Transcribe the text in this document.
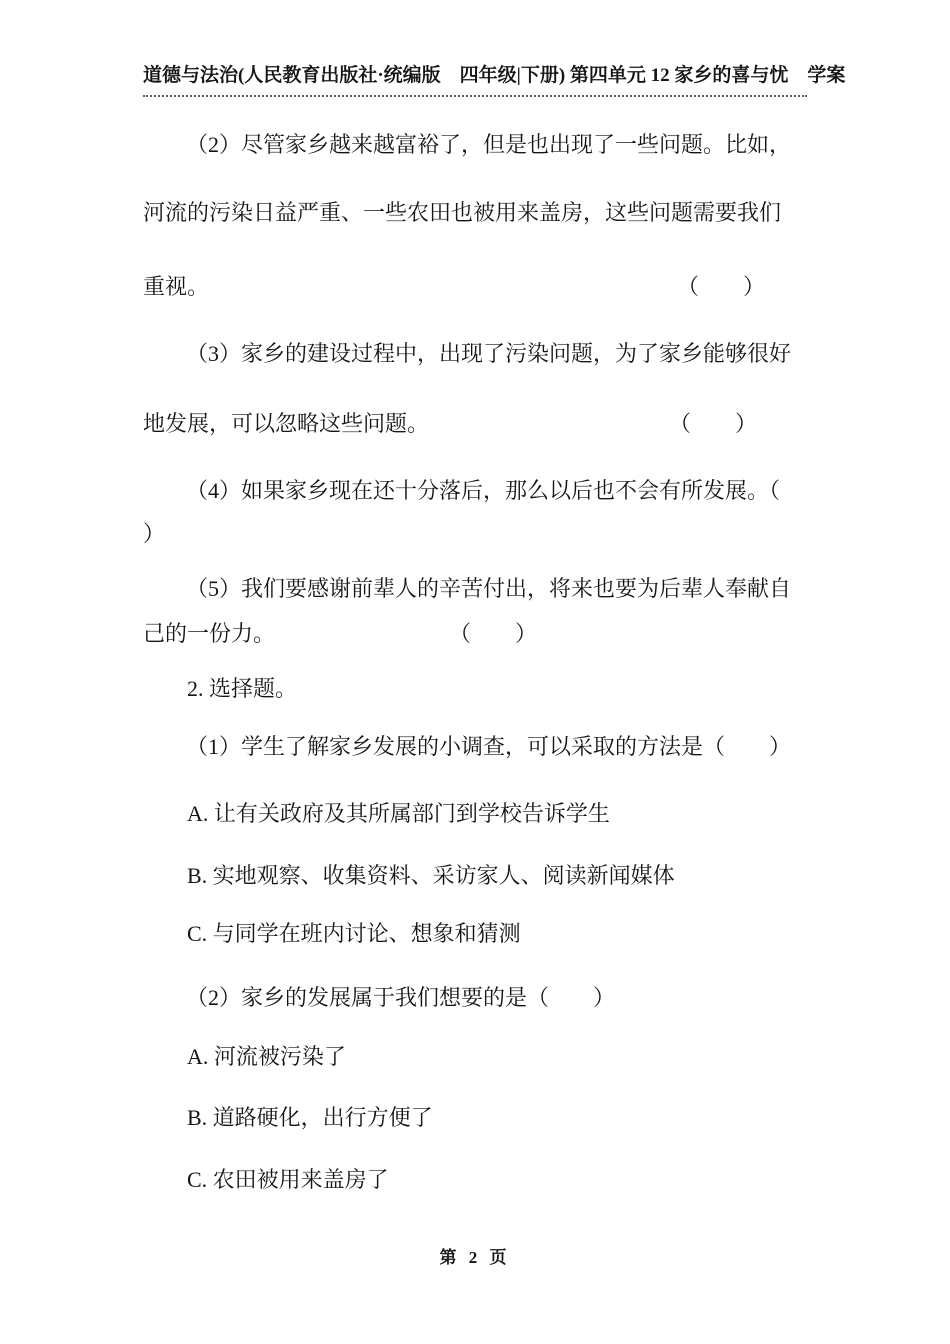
道德与法治(人民教育出版社·统编版　四年级|下册) 第四单元 12 家乡的喜与忧　学案
（2）尽管家乡越来越富裕了，但是也出现了一些问题。比如，
河流的污染日益严重、一些农田也被用来盖房，这些问题需要我们
重视。	（　　）
（3）家乡的建设过程中，出现了污染问题，为了家乡能够很好
地发展，可以忽略这些问题。	（　　）
（4）如果家乡现在还十分落后，那么以后也不会有所发展。（
）
（5）我们要感谢前辈人的辛苦付出，将来也要为后辈人奉献自
己的一份力。	（　　）
2. 选择题。
（1）学生了解家乡发展的小调查，可以采取的方法是（　　）
A. 让有关政府及其所属部门到学校告诉学生
B. 实地观察、收集资料、采访家人、阅读新闻媒体
C. 与同学在班内讨论、想象和猜测
（2）家乡的发展属于我们想要的是（　　）
A. 河流被污染了
B. 道路硬化，出行方便了
C. 农田被用来盖房了
第 2 页
